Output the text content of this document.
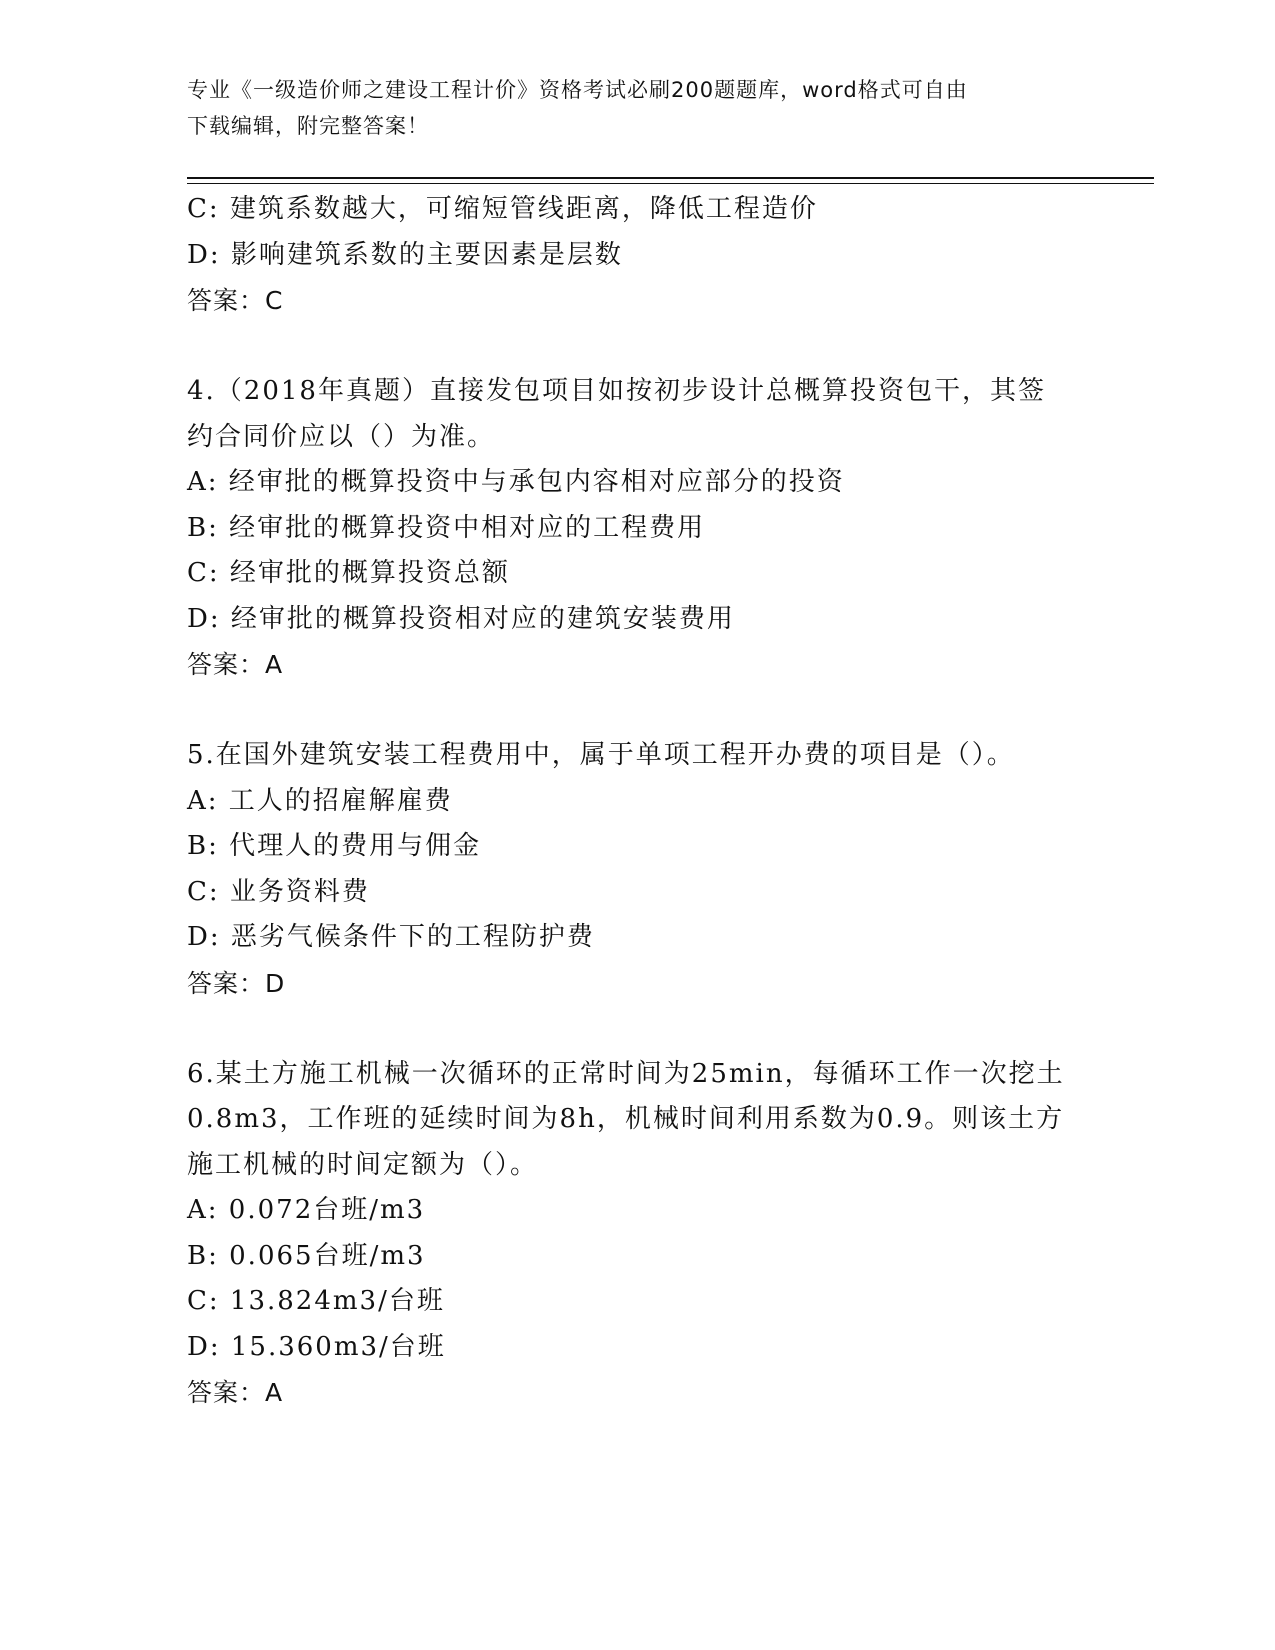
专业《一级造价师之建设工程计价》资格考试必刷200题题库，word格式可自由
下载编辑，附完整答案！
C: 建筑系数越大，可缩短管线距离，降低工程造价
D: 影响建筑系数的主要因素是层数
答案：C
4.（2018年真题）直接发包项目如按初步设计总概算投资包干，其签
约合同价应以（）为准。
A: 经审批的概算投资中与承包内容相对应部分的投资
B: 经审批的概算投资中相对应的工程费用
C: 经审批的概算投资总额
D: 经审批的概算投资相对应的建筑安装费用
答案：A
5.在国外建筑安装工程费用中，属于单项工程开办费的项目是（）。
A: 工人的招雇解雇费
B: 代理人的费用与佣金
C: 业务资料费
D: 恶劣气候条件下的工程防护费
答案：D
6.某土方施工机械一次循环的正常时间为25min，每循环工作一次挖土
0.8m3，工作班的延续时间为8h，机械时间利用系数为0.9。则该土方
施工机械的时间定额为（）。
A: 0.072台班/m3
B: 0.065台班/m3
C: 13.824m3/台班
D: 15.360m3/台班
答案：A
